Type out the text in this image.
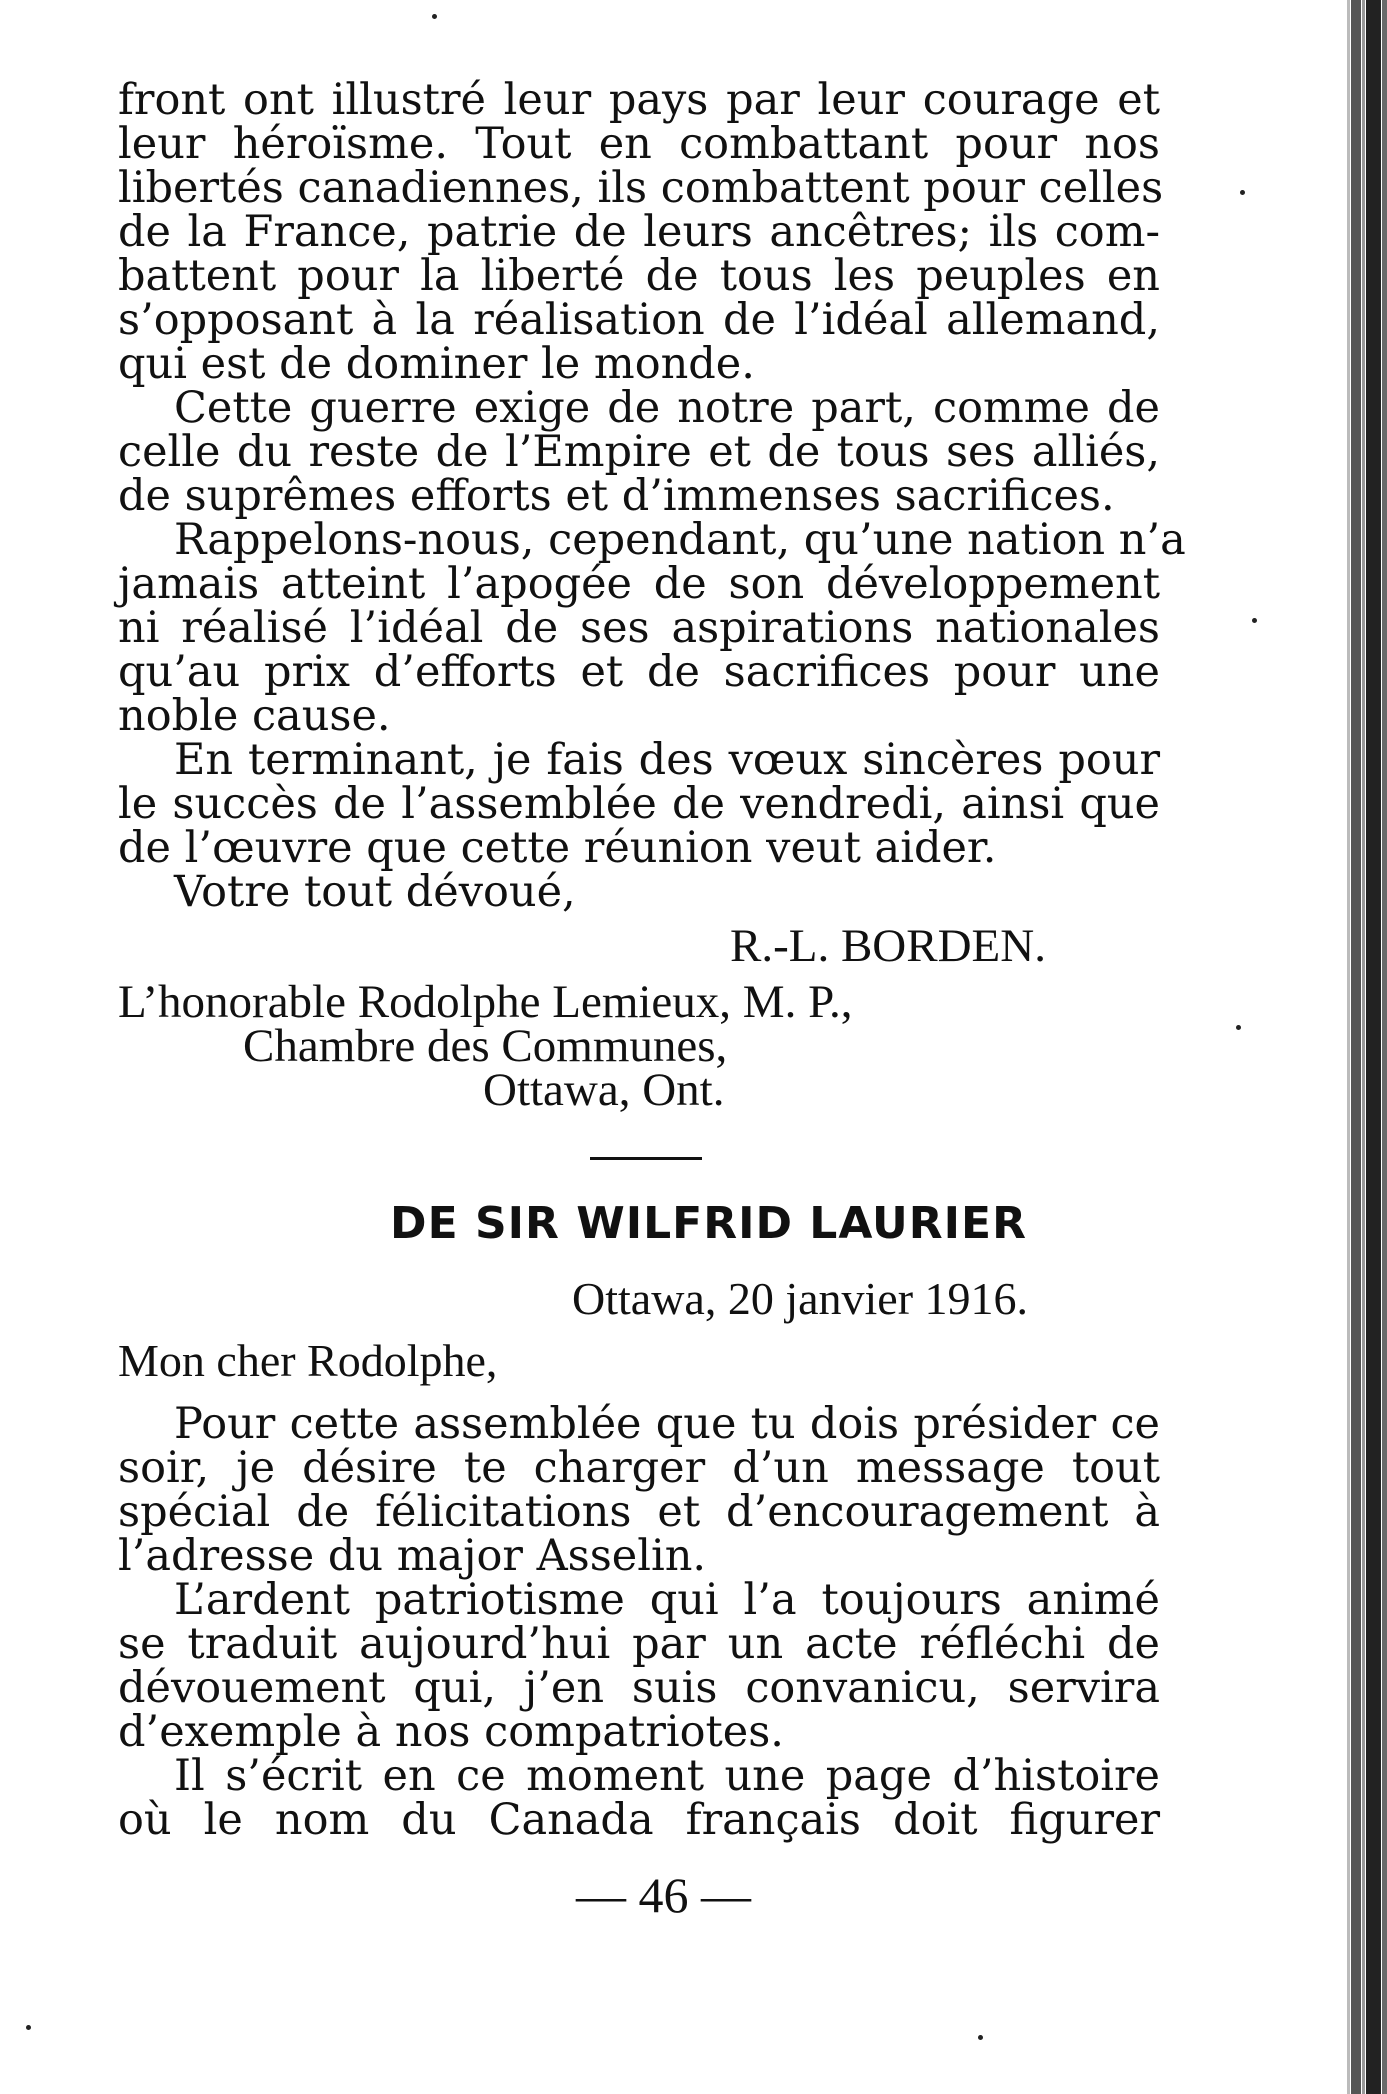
front ont illustré leur pays par leur courage et
leur héroïsme. Tout en combattant pour nos
libertés canadiennes, ils combattent pour celles
de la France, patrie de leurs ancêtres; ils com-
battent pour la liberté de tous les peuples en
s’opposant à la réalisation de l’idéal allemand,
qui est de dominer le monde.
Cette guerre exige de notre part, comme de
celle du reste de l’Empire et de tous ses alliés,
de suprêmes efforts et d’immenses sacrifices.
Rappelons-nous, cependant, qu’une nation n’a
jamais atteint l’apogée de son développement
ni réalisé l’idéal de ses aspirations nationales
qu’au prix d’efforts et de sacrifices pour une
noble cause.
En terminant, je fais des vœux sincères pour
le succès de l’assemblée de vendredi, ainsi que
de l’œuvre que cette réunion veut aider.
Votre tout dévoué,
R.-L. BORDEN.
L’honorable Rodolphe Lemieux, M. P.,
Chambre des Communes,
Ottawa, Ont.
DE SIR WILFRID LAURIER
Ottawa, 20 janvier 1916.
Mon cher Rodolphe,
Pour cette assemblée que tu dois présider ce
soir, je désire te charger d’un message tout
spécial de félicitations et d’encouragement à
l’adresse du major Asselin.
L’ardent patriotisme qui l’a toujours animé
se traduit aujourd’hui par un acte réfléchi de
dévouement qui, j’en suis convanicu, servira
d’exemple à nos compatriotes.
Il s’écrit en ce moment une page d’histoire
où le nom du Canada français doit figurer
— 46 —
